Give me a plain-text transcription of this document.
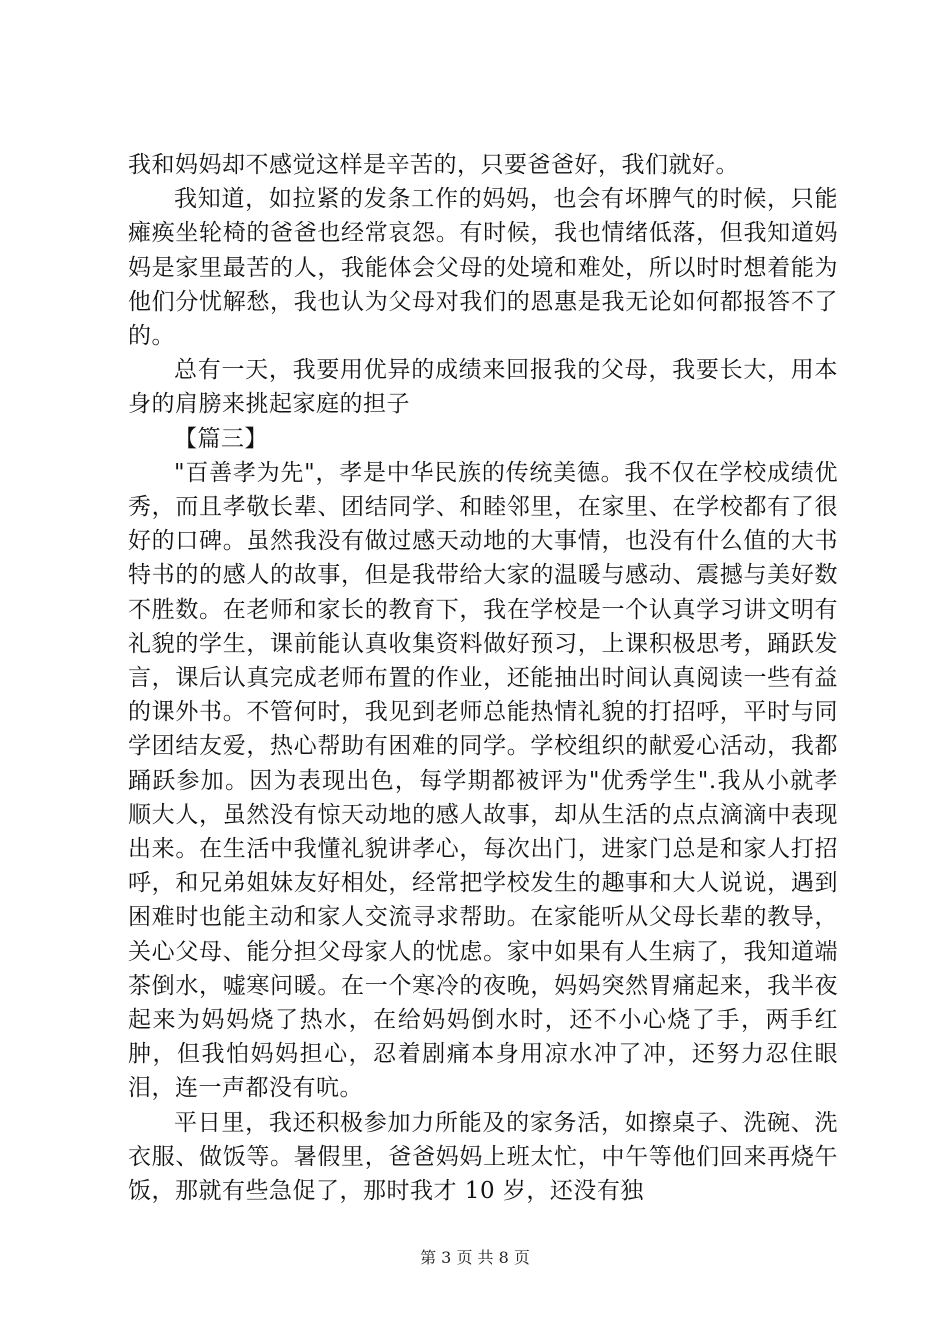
我和妈妈却不感觉这样是辛苦的，只要爸爸好，我们就好。

我知道，如拉紧的发条工作的妈妈，也会有坏脾气的时候，只能瘫痪坐轮椅的爸爸也经常哀怨。有时候，我也情绪低落，但我知道妈妈是家里最苦的人，我能体会父母的处境和难处，所以时时想着能为他们分忧解愁，我也认为父母对我们的恩惠是我无论如何都报答不了的。

总有一天，我要用优异的成绩来回报我的父母，我要长大，用本身的肩膀来挑起家庭的担子

【篇三】

"百善孝为先"，孝是中华民族的传统美德。我不仅在学校成绩优秀，而且孝敬长辈、团结同学、和睦邻里，在家里、在学校都有了很好的口碑。虽然我没有做过感天动地的大事情，也没有什么值的大书特书的的感人的故事，但是我带给大家的温暖与感动、震撼与美好数不胜数。在老师和家长的教育下，我在学校是一个认真学习讲文明有礼貌的学生，课前能认真收集资料做好预习，上课积极思考，踊跃发言，课后认真完成老师布置的作业，还能抽出时间认真阅读一些有益的课外书。不管何时，我见到老师总能热情礼貌的打招呼，平时与同学团结友爱，热心帮助有困难的同学。学校组织的献爱心活动，我都踊跃参加。因为表现出色，每学期都被评为"优秀学生".我从小就孝顺大人，虽然没有惊天动地的感人故事，却从生活的点点滴滴中表现出来。在生活中我懂礼貌讲孝心，每次出门，进家门总是和家人打招呼，和兄弟姐妹友好相处，经常把学校发生的趣事和大人说说，遇到困难时也能主动和家人交流寻求帮助。在家能听从父母长辈的教导，关心父母、能分担父母家人的忧虑。家中如果有人生病了，我知道端茶倒水，嘘寒问暖。在一个寒冷的夜晚，妈妈突然胃痛起来，我半夜起来为妈妈烧了热水，在给妈妈倒水时，还不小心烧了手，两手红肿，但我怕妈妈担心，忍着剧痛本身用凉水冲了冲，还努力忍住眼泪，连一声都没有吭。

平日里，我还积极参加力所能及的家务活，如擦桌子、洗碗、洗衣服、做饭等。暑假里，爸爸妈妈上班太忙，中午等他们回来再烧午饭，那就有些急促了，那时我才 10 岁，还没有独

第 3 页 共 8 页
